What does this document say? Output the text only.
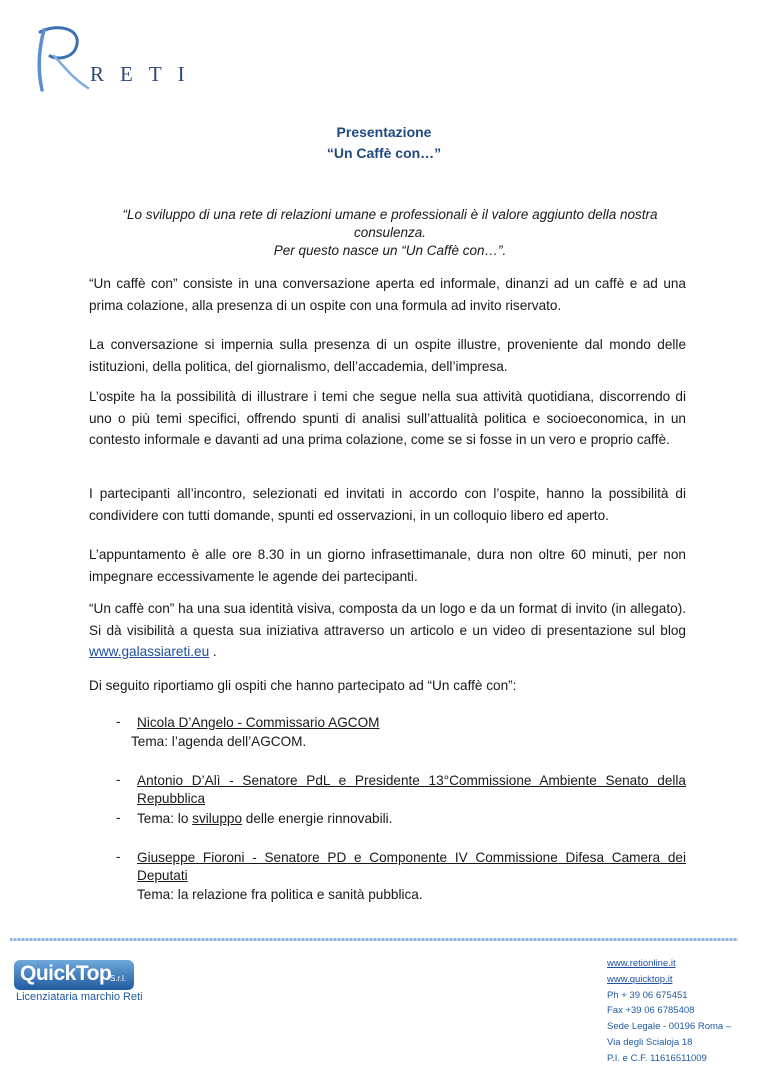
RETI
Presentazione
“Un Caffè con…”
“Lo sviluppo di una rete di relazioni umane e professionali è il valore aggiunto della nostra
consulenza.
Per questo nasce un “Un Caffè con…”.
“Un caffè con” consiste in una conversazione aperta ed informale, dinanzi ad un caffè e ad una prima colazione, alla presenza di un ospite con una formula ad invito riservato.
La conversazione si impernia sulla presenza di un ospite illustre, proveniente dal mondo delle istituzioni, della politica, del giornalismo, dell’accademia, dell’impresa.
L’ospite ha la possibilità di illustrare i temi che segue nella sua attività quotidiana, discorrendo di uno o più temi specifici, offrendo spunti di analisi sull’attualità politica e socioeconomica, in un contesto informale e davanti ad una prima colazione, come se si fosse in un vero e proprio caffè.
I partecipanti all’incontro, selezionati ed invitati in accordo con l’ospite, hanno la possibilità di condividere con tutti domande, spunti ed osservazioni, in un colloquio libero ed aperto.
L’appuntamento è alle ore 8.30 in un giorno infrasettimanale, dura non oltre 60 minuti, per non impegnare eccessivamente le agende dei partecipanti.
“Un caffè con” ha una sua identità visiva, composta da un logo e da un format di invito (in allegato). Si dà visibilità a questa sua iniziativa attraverso un articolo e un video di presentazione sul blog www.galassiareti.eu .
Di seguito riportiamo gli ospiti che hanno partecipato ad “Un caffè con”:
- Nicola D’Angelo - Commissario AGCOM
Tema: l’agenda dell’AGCOM.
- Antonio D’Alì - Senatore PdL e Presidente 13°Commissione Ambiente Senato della
Repubblica
- Tema: lo sviluppo delle energie rinnovabili.
- Giuseppe Fioroni - Senatore PD e Componente IV Commissione Difesa Camera dei
Deputati
Tema: la relazione fra politica e sanità pubblica.
QuickTop
S.r.l.
Licenziataria marchio Reti
www.retionline.it
www.quicktop.it
Ph + 39 06 675451
Fax +39 06 6785408
Sede Legale - 00196 Roma –
Via degli Scialoja 18
P.I. e C.F. 11616511009
